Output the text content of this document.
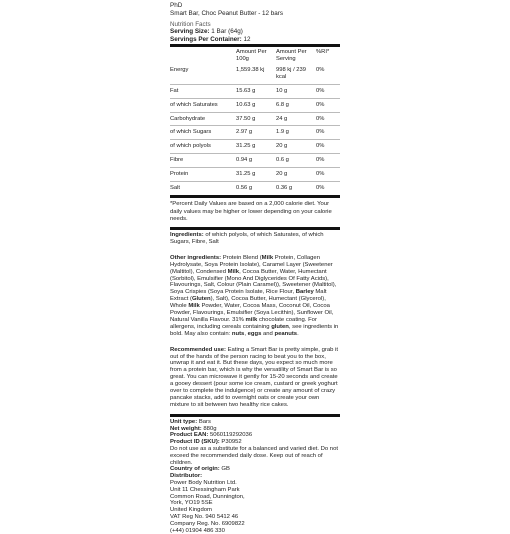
PhD
Smart Bar, Choc Peanut Butter - 12 bars
Nutrition Facts
Serving Size: 1 Bar (64g)
Servings Per Container: 12
	Amount Per 100g	Amount Per Serving	%RI*
Energy	1,559.38 kj	998 kj / 239 kcal	0%
Fat	15.63 g	10 g	0%
of which Saturates	10.63 g	6.8 g	0%
Carbohydrate	37.50 g	24 g	0%
of which Sugars	2.97 g	1.9 g	0%
of which polyols	31.25 g	20 g	0%
Fibre	0.94 g	0.6 g	0%
Protein	31.25 g	20 g	0%
Salt	0.56 g	0.36 g	0%
*Percent Daily Values are based on a 2,000 calorie diet. Your daily values may be higher or lower depending on your calorie needs.
Ingredients: of which polyols, of which Saturates, of which Sugars, Fibre, Salt
Other ingredients: Protein Blend (Milk Protein, Collagen Hydrolysate, Soya Protein Isolate), Caramel Layer (Sweetener (Maltitol), Condensed Milk, Cocoa Butter, Water, Humectant (Sorbitol), Emulsifier (Mono And Diglycerides Of Fatty Acids), Flavourings, Salt, Colour (Plain Caramel)), Sweetener (Maltitol), Soya Crispies (Soya Protein Isolate, Rice Flour, Barley Malt Extract (Gluten), Salt), Cocoa Butter, Humectant (Glycerol), Whole Milk Powder, Water, Cocoa Mass, Coconut Oil, Cocoa Powder, Flavourings, Emulsifier (Soya Lecithin), Sunflower Oil, Natural Vanilla Flavour. 31% milk chocolate coating. For allergens, including cereals containing gluten, see ingredients in bold. May also contain: nuts, eggs and peanuts.
Recommended use: Eating a Smart Bar is pretty simple, grab it out of the hands of the person racing to beat you to the box, unwrap it and eat it. But these days, you expect so much more from a protein bar, which is why the versatility of Smart Bar is so great. You can microwave it gently for 15-20 seconds and create a gooey dessert (pour some ice cream, custard or greek yoghurt over to complete the indulgence) or create any amount of crazy pancake stacks, add to overnight oats or create your own mixture to sit between two healthy rice cakes.
Unit type: Bars
Net weight: 880g
Product EAN: 5060119292036
Product ID (SKU): P30952
Do not use as a substitute for a balanced and varied diet. Do not exceed the recommended daily dose. Keep out of reach of children.
Country of origin: GB
Distributor:
Power Body Nutrition Ltd.
Unit 11 Chessingham Park
Common Road, Dunnington,
York, YO19 5SE
United Kingdom
VAT Reg No. 940 5412 46
Company Reg. No. 6909822
(+44) 01904 486 330
